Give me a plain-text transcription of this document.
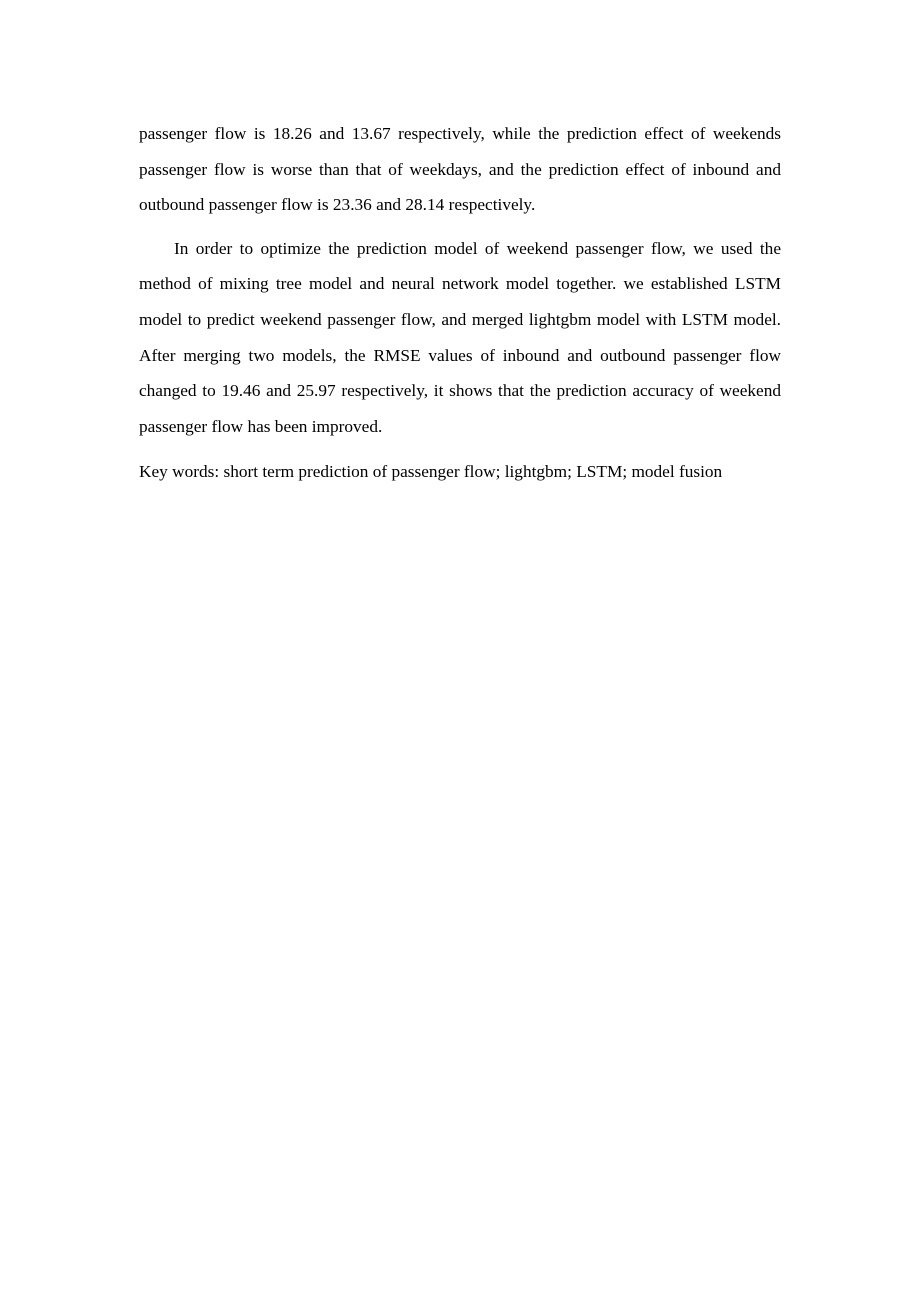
passenger flow is 18.26 and 13.67 respectively, while the prediction effect of weekends passenger flow is worse than that of weekdays, and the prediction effect of inbound and outbound passenger flow is 23.36 and 28.14 respectively.

In order to optimize the prediction model of weekend passenger flow, we used the method of mixing tree model and neural network model together. we established LSTM model to predict weekend passenger flow, and merged lightgbm model with LSTM model. After merging two models, the RMSE values of inbound and outbound passenger flow changed to 19.46 and 25.97 respectively, it shows that the prediction accuracy of weekend passenger flow has been improved.

Key words: short term prediction of passenger flow; lightgbm; LSTM; model fusion
